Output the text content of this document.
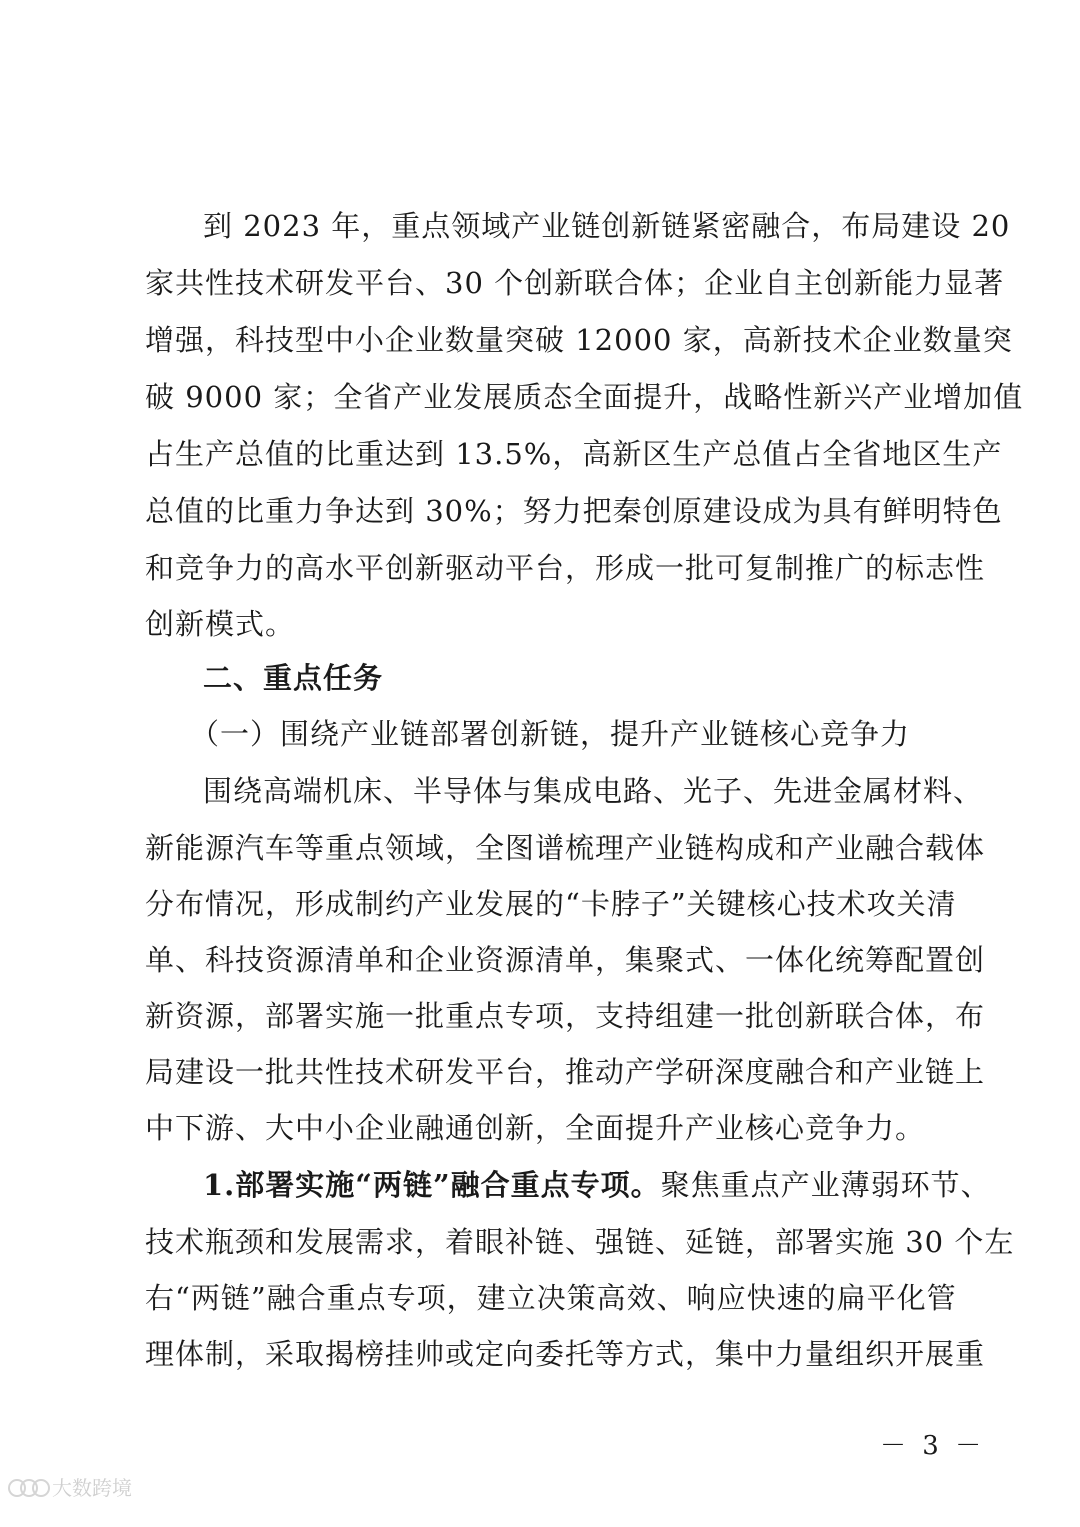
到 2023 年，重点领域产业链创新链紧密融合，布局建设 20
家共性技术研发平台、30 个创新联合体；企业自主创新能力显著
增强，科技型中小企业数量突破 12000 家，高新技术企业数量突
破 9000 家；全省产业发展质态全面提升，战略性新兴产业增加值
占生产总值的比重达到 13.5%，高新区生产总值占全省地区生产
总值的比重力争达到 30%；努力把秦创原建设成为具有鲜明特色
和竞争力的高水平创新驱动平台，形成一批可复制推广的标志性
创新模式。
二、重点任务
（一）围绕产业链部署创新链，提升产业链核心竞争力
围绕高端机床、半导体与集成电路、光子、先进金属材料、
新能源汽车等重点领域，全图谱梳理产业链构成和产业融合载体
分布情况，形成制约产业发展的“卡脖子”关键核心技术攻关清
单、科技资源清单和企业资源清单，集聚式、一体化统筹配置创
新资源，部署实施一批重点专项，支持组建一批创新联合体，布
局建设一批共性技术研发平台，推动产学研深度融合和产业链上
中下游、大中小企业融通创新，全面提升产业核心竞争力。
1.部署实施“两链”融合重点专项。聚焦重点产业薄弱环节、
技术瓶颈和发展需求，着眼补链、强链、延链，部署实施 30 个左
右“两链”融合重点专项，建立决策高效、响应快速的扁平化管
理体制，采取揭榜挂帅或定向委托等方式，集中力量组织开展重
－ 3 －
大数跨境
